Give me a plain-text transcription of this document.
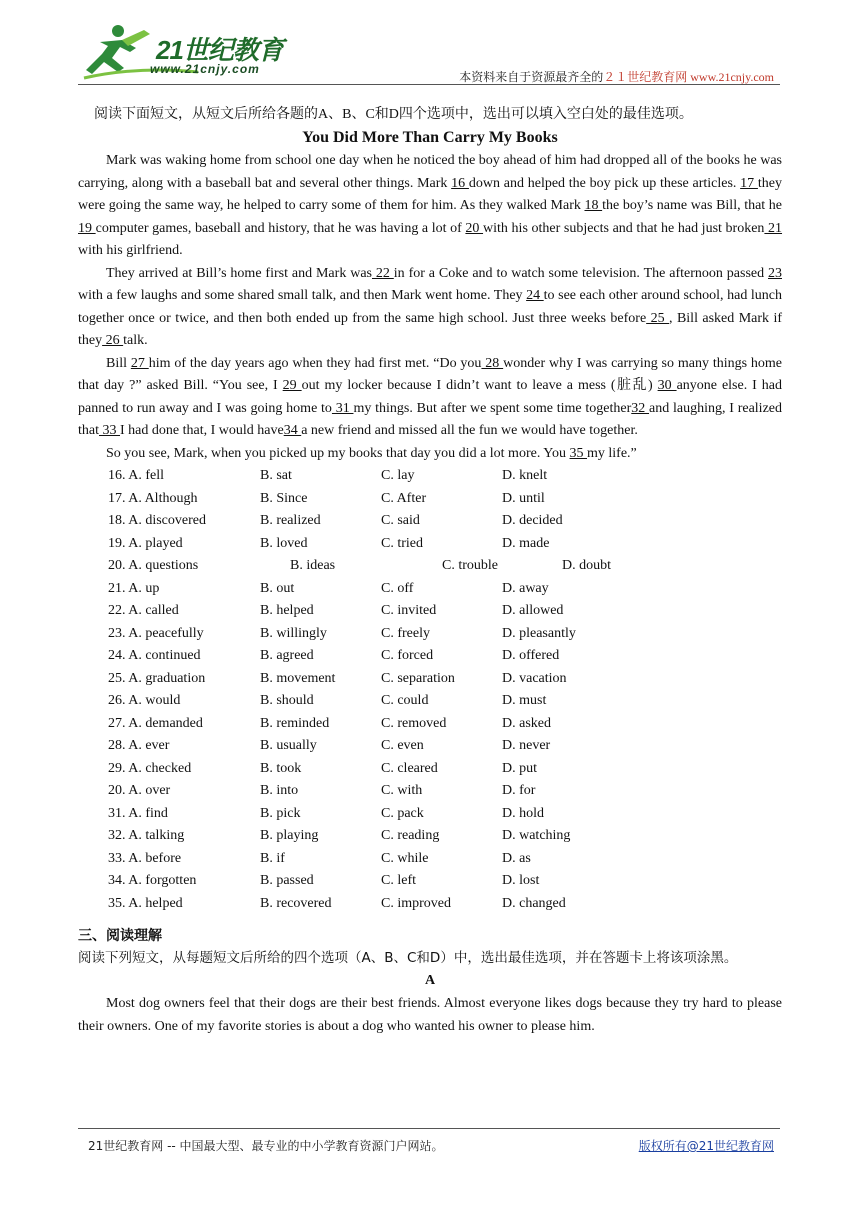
21世纪教育
www.21cnjy.com
本资料来自于资源最齐全的２１世纪教育网 www.21cnjy.com
阅读下面短文，从短文后所给各题的A、B、C和D四个选项中，选出可以填入空白处的最佳选项。
You Did More Than Carry My Books

Mark was waking home from school one day when he noticed the boy ahead of him had dropped all of the books he was carrying, along with a baseball bat and several other things. Mark 16 down and helped the boy pick up these articles. 17 they were going the same way, he helped to carry some of them for him. As they walked Mark 18 the boy’s name was Bill, that he 19 computer games, baseball and history, that he was having a lot of 20 with his other subjects and that he had just broken 21 with his girlfriend.

They arrived at Bill’s home first and Mark was 22 in for a Coke and to watch some television. The afternoon passed 23 with a few laughs and some shared small talk, and then Mark went home. They 24 to see each other around school, had lunch together once or twice, and then both ended up from the same high school. Just three weeks before 25 , Bill asked Mark if they 26 talk.

Bill 27 him of the day years ago when they had first met. “Do you 28 wonder why I was carrying so many things home that day ?” asked Bill. “You see, I 29 out my locker because I didn’t want to leave a mess (脏乱) 30 anyone else. I had panned to run away and I was going home to 31 my things. But after we spent some time together32 and laughing, I realized that 33 I had done that, I would have34 a new friend and missed all the fun we would have together.

So you see, Mark, when you picked up my books that day you did a lot more. You 35 my life.”

16. A. fell	B. sat	C. lay	D. knelt
17. A. Although	B. Since	C. After	D. until
18. A. discovered	B. realized	C. said	D. decided
19. A. played	B. loved	C. tried	D. made
20. A. questions	B. ideas	C. trouble	D. doubt
21. A. up	B. out	C. off	D. away
22. A. called	B. helped	C. invited	D. allowed
23. A. peacefully	B. willingly	C. freely	D. pleasantly
24. A. continued	B. agreed	C. forced	D. offered
25. A. graduation	B. movement	C. separation	D. vacation
26. A. would	B. should	C. could	D. must
27. A. demanded	B. reminded	C. removed	D. asked
28. A. ever	B. usually	C. even	D. never
29. A. checked	B. took	C. cleared	D. put
20. A. over	B. into	C. with	D. for
31. A. find	B. pick	C. pack	D. hold
32. A. talking	B. playing	C. reading	D. watching
33. A. before	B. if	C. while	D. as
34. A. forgotten	B. passed	C. left	D. lost
35. A. helped	B. recovered	C. improved	D. changed
三、阅读理解
阅读下列短文，从每题短文后所给的四个选项（A、B、C和D）中，选出最佳选项，并在答题卡上将该项涂黑。
A

Most dog owners feel that their dogs are their best friends. Almost everyone likes dogs because they try hard to please their owners. One of my favorite stories is about a dog who wanted his owner to please him.

21世纪教育网 -- 中国最大型、最专业的中小学教育资源门户网站。	版权所有@21世纪教育网
